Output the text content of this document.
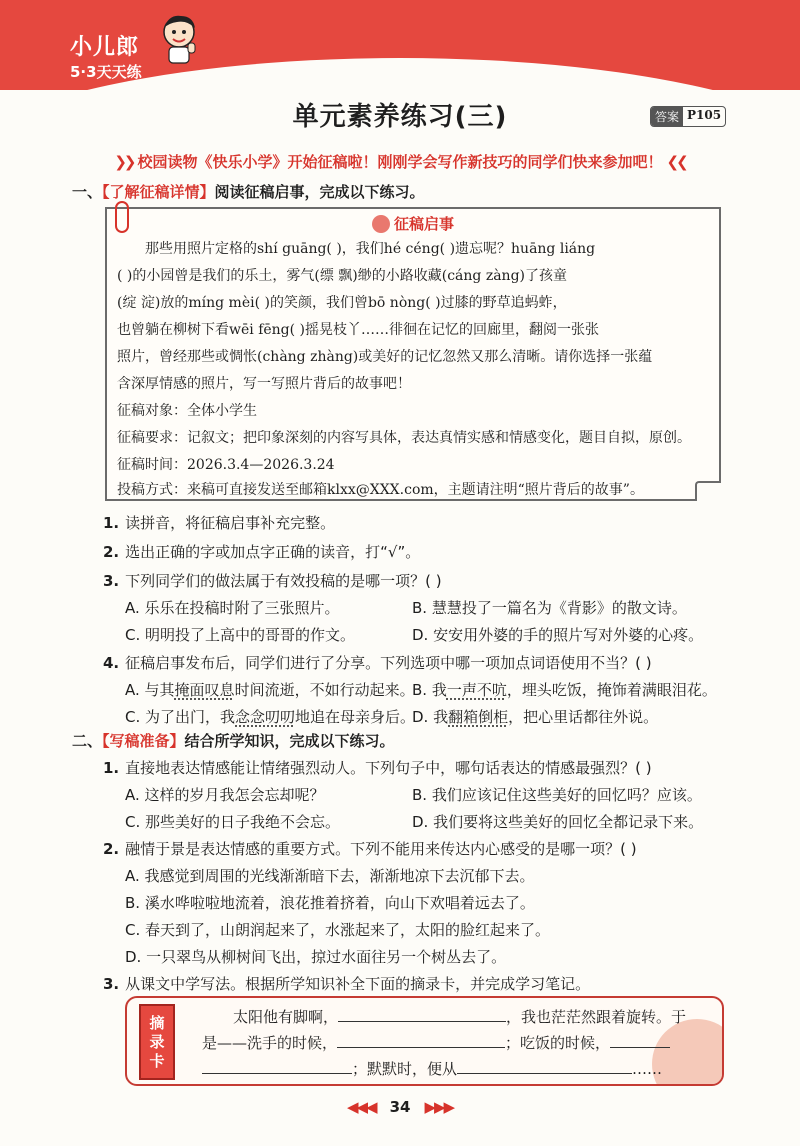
小儿郎
5·3天天练
单元素养练习(三)	答案 P105
❯❯ 校园读物《快乐小学》开始征稿啦！刚刚学会写作新技巧的同学们快来参加吧！ ❮❮
一、【了解征稿详情】阅读征稿启事，完成以下练习。
征稿启事
那些用照片定格的shí guāng( )，我们hé céng( )遗忘呢？huāng liáng
( )的小园曾是我们的乐土，雾气(缥 飘)缈的小路收藏(cáng zàng)了孩童
(绽 淀)放的míng mèi( )的笑颜，我们曾bō nòng( )过膝的野草追蚂蚱，
也曾躺在柳树下看wēi fēng( )摇晃枝丫……徘徊在记忆的回廊里，翻阅一张张
照片，曾经那些或惆怅(chàng zhàng)或美好的记忆忽然又那么清晰。请你选择一张蕴
含深厚情感的照片，写一写照片背后的故事吧！
征稿对象：全体小学生
征稿要求：记叙文；把印象深刻的内容写具体，表达真情实感和情感变化，题目自拟，原创。
征稿时间：2026.3.4—2026.3.24
投稿方式：来稿可直接发送至邮箱klxx@XXX.com，主题请注明“照片背后的故事”。
1. 读拼音，将征稿启事补充完整。
2. 选出正确的字或加点字正确的读音，打“√”。
3. 下列同学们的做法属于有效投稿的是哪一项？( )
A. 乐乐在投稿时附了三张照片。	B. 慧慧投了一篇名为《背影》的散文诗。
C. 明明投了上高中的哥哥的作文。	D. 安安用外婆的手的照片写对外婆的心疼。
4. 征稿启事发布后，同学们进行了分享。下列选项中哪一项加点词语使用不当？( )
A. 与其掩面叹息时间流逝，不如行动起来。
B. 我一声不吭，埋头吃饭，掩饰着满眼泪花。
C. 为了出门，我念念叨叨地追在母亲身后。
D. 我翻箱倒柜，把心里话都往外说。
二、【写稿准备】结合所学知识，完成以下练习。
1. 直接地表达情感能让情绪强烈动人。下列句子中，哪句话表达的情感最强烈？( )
A. 这样的岁月我怎会忘却呢？	B. 我们应该记住这些美好的回忆吗？应该。
C. 那些美好的日子我绝不会忘。	D. 我们要将这些美好的回忆全都记录下来。
2. 融情于景是表达情感的重要方式。下列不能用来传达内心感受的是哪一项？( )
A. 我感觉到周围的光线渐渐暗下去，渐渐地凉下去沉郁下去。
B. 溪水哗啦啦地流着，浪花推着挤着，向山下欢唱着远去了。
C. 春天到了，山朗润起来了，水涨起来了，太阳的脸红起来了。
D. 一只翠鸟从柳树间飞出，掠过水面往另一个树丛去了。
3. 从课文中学写法。根据所学知识补全下面的摘录卡，并完成学习笔记。
摘
录
卡
太阳他有脚啊，	，我也茫茫然跟着旋转。于
是——洗手的时候，	；吃饭的时候，
；默默时，便从	……
◀◀◀ 34 ▶▶▶
